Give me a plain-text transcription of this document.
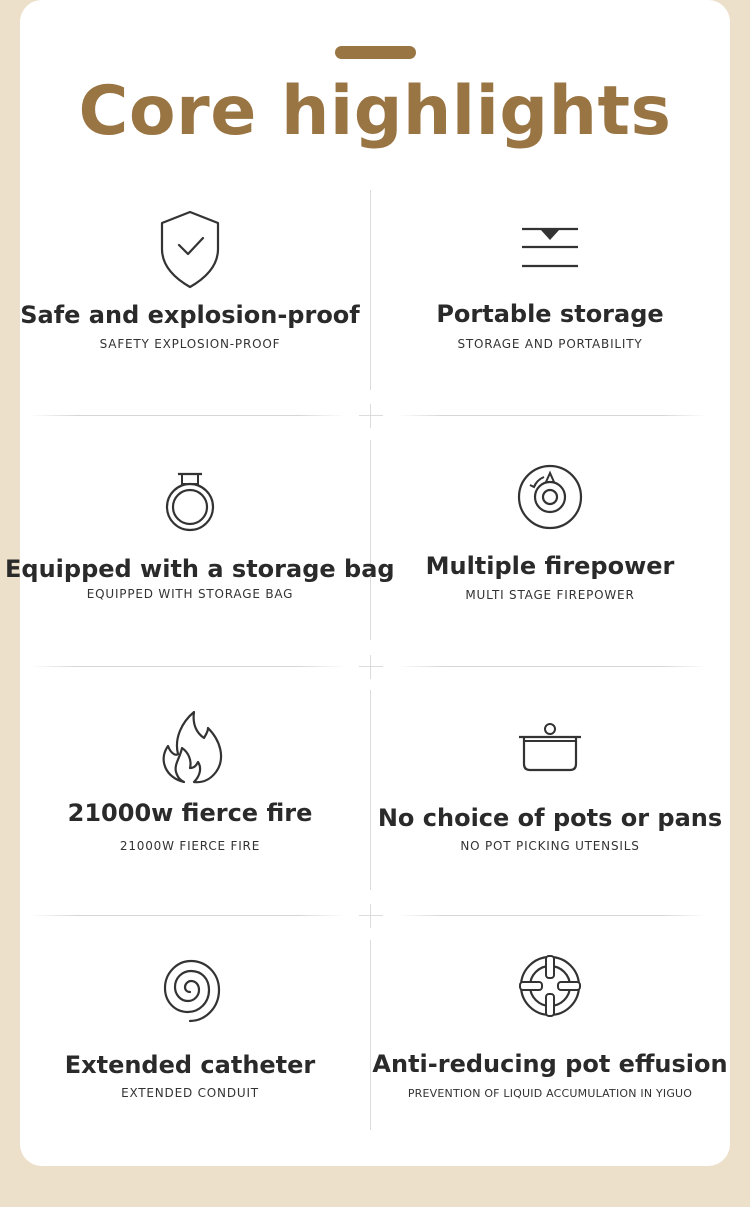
Core highlights
Safe and explosion-proof
SAFETY EXPLOSION-PROOF
Portable storage
STORAGE AND PORTABILITY
Equipped with a storage bag
EQUIPPED WITH STORAGE BAG
Multiple firepower
MULTI STAGE FIREPOWER
21000w fierce fire
21000W FIERCE FIRE
No choice of pots or pans
NO POT PICKING UTENSILS
Extended catheter
EXTENDED CONDUIT
Anti-reducing pot effusion
PREVENTION OF LIQUID ACCUMULATION IN YIGUO
